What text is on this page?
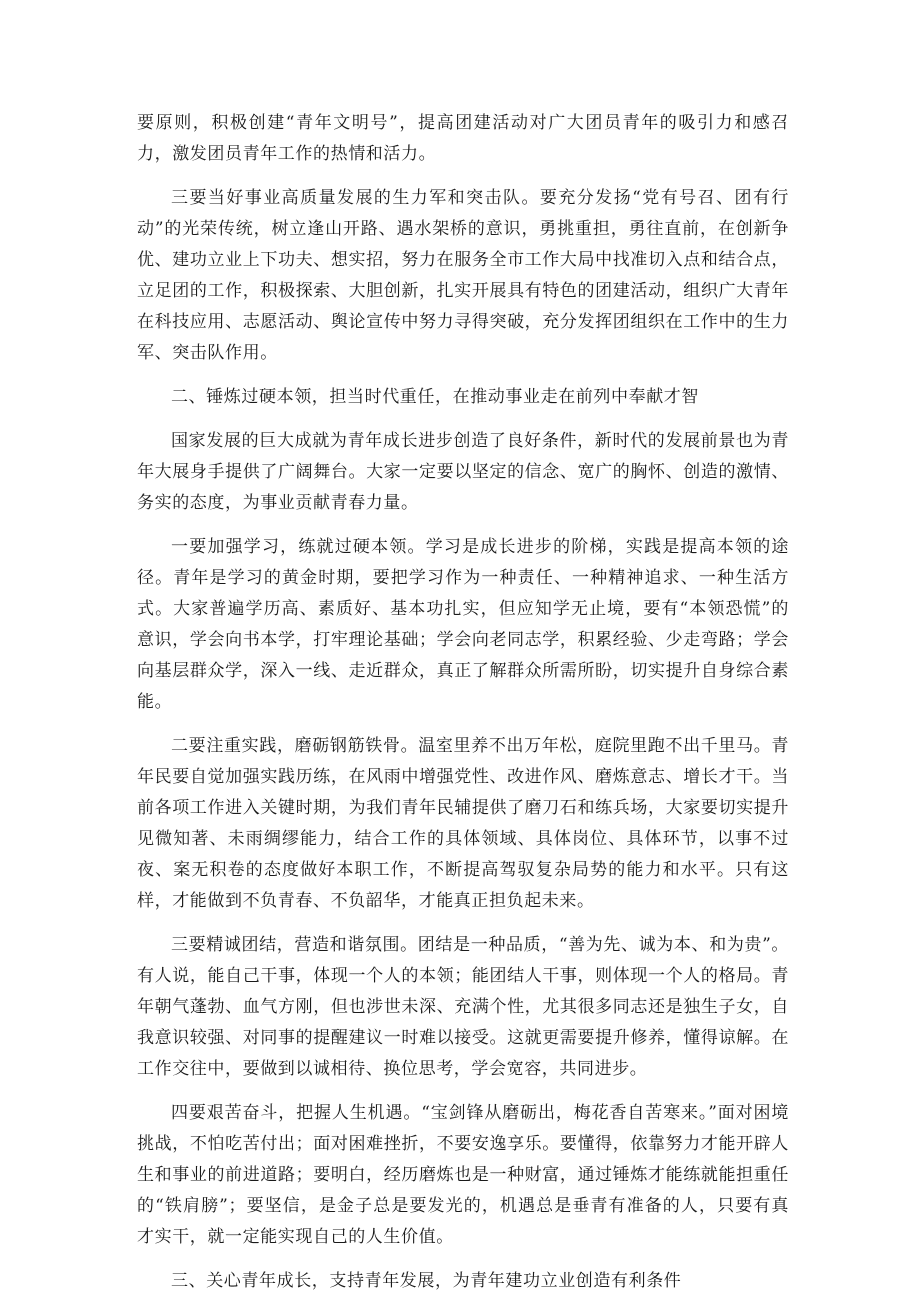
要原则，积极创建“青年文明号”，提高团建活动对广大团员青年的吸引力和感召力，激发团员青年工作的热情和活力。

三要当好事业高质量发展的生力军和突击队。要充分发扬“党有号召、团有行动”的光荣传统，树立逢山开路、遇水架桥的意识，勇挑重担，勇往直前，在创新争优、建功立业上下功夫、想实招，努力在服务全市工作大局中找准切入点和结合点，立足团的工作，积极探索、大胆创新，扎实开展具有特色的团建活动，组织广大青年在科技应用、志愿活动、舆论宣传中努力寻得突破，充分发挥团组织在工作中的生力军、突击队作用。

二、锤炼过硬本领，担当时代重任，在推动事业走在前列中奉献才智

国家发展的巨大成就为青年成长进步创造了良好条件，新时代的发展前景也为青年大展身手提供了广阔舞台。大家一定要以坚定的信念、宽广的胸怀、创造的激情、务实的态度，为事业贡献青春力量。

一要加强学习，练就过硬本领。学习是成长进步的阶梯，实践是提高本领的途径。青年是学习的黄金时期，要把学习作为一种责任、一种精神追求、一种生活方式。大家普遍学历高、素质好、基本功扎实，但应知学无止境，要有“本领恐慌”的意识，学会向书本学，打牢理论基础；学会向老同志学，积累经验、少走弯路；学会向基层群众学，深入一线、走近群众，真正了解群众所需所盼，切实提升自身综合素能。

二要注重实践，磨砺钢筋铁骨。温室里养不出万年松，庭院里跑不出千里马。青年民要自觉加强实践历练，在风雨中增强党性、改进作风、磨炼意志、增长才干。当前各项工作进入关键时期，为我们青年民辅提供了磨刀石和练兵场，大家要切实提升见微知著、未雨绸缪能力，结合工作的具体领域、具体岗位、具体环节，以事不过夜、案无积卷的态度做好本职工作，不断提高驾驭复杂局势的能力和水平。只有这样，才能做到不负青春、不负韶华，才能真正担负起未来。

三要精诚团结，营造和谐氛围。团结是一种品质，“善为先、诚为本、和为贵”。有人说，能自己干事，体现一个人的本领；能团结人干事，则体现一个人的格局。青年朝气蓬勃、血气方刚，但也涉世未深、充满个性，尤其很多同志还是独生子女，自我意识较强、对同事的提醒建议一时难以接受。这就更需要提升修养，懂得谅解。在工作交往中，要做到以诚相待、换位思考，学会宽容，共同进步。

四要艰苦奋斗，把握人生机遇。“宝剑锋从磨砺出，梅花香自苦寒来。”面对困境挑战，不怕吃苦付出；面对困难挫折，不要安逸享乐。要懂得，依靠努力才能开辟人生和事业的前进道路；要明白，经历磨炼也是一种财富，通过锤炼才能练就能担重任的“铁肩膀”；要坚信，是金子总是要发光的，机遇总是垂青有准备的人，只要有真才实干，就一定能实现自己的人生价值。

三、关心青年成长，支持青年发展，为青年建功立业创造有利条件
